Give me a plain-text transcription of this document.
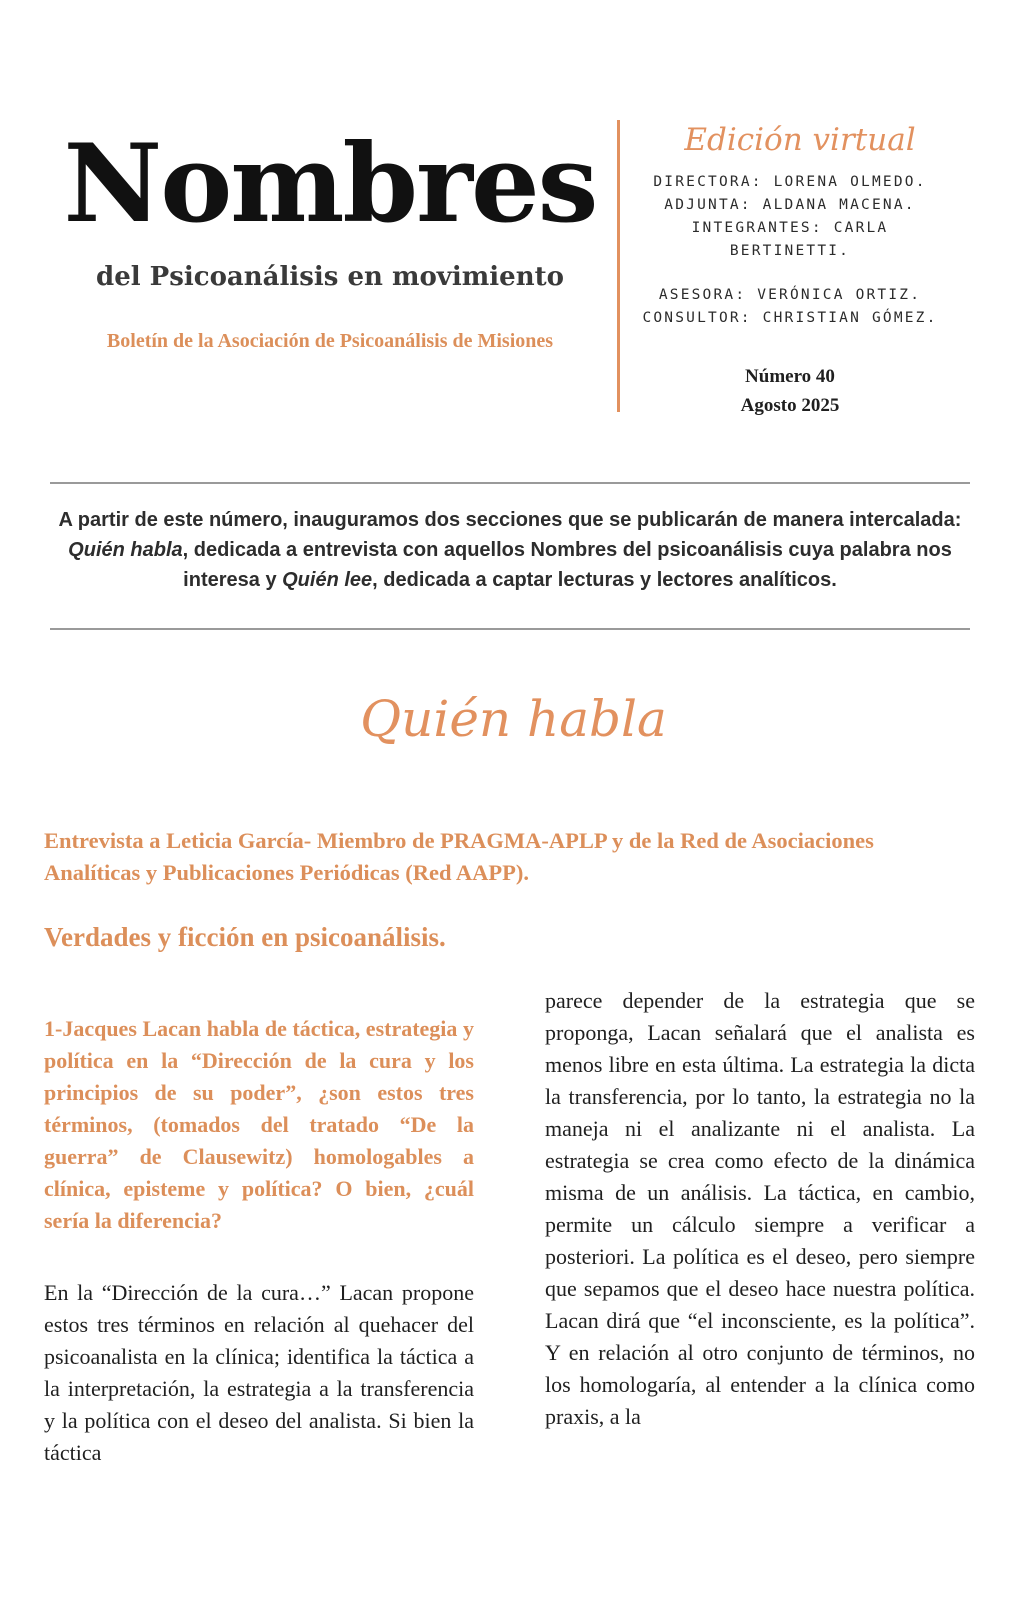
Nombres
del Psicoanálisis en movimiento
Boletín de la Asociación de Psicoanálisis de Misiones
Edición virtual
DIRECTORA: LORENA OLMEDO.
ADJUNTA: ALDANA MACENA.
INTEGRANTES: CARLA
BERTINETTI.
ASESORA: VERÓNICA ORTIZ.
CONSULTOR: CHRISTIAN GÓMEZ.
Número 40
Agosto 2025
A partir de este número, inauguramos dos secciones que se publicarán de manera intercalada: Quién habla, dedicada a entrevista con aquellos Nombres del psicoanálisis cuya palabra nos interesa y Quién lee, dedicada a captar lecturas y lectores analíticos.
Quién habla
Entrevista a Leticia García- Miembro de PRAGMA-APLP y de la Red de Asociaciones Analíticas y Publicaciones Periódicas (Red AAPP).
Verdades y ficción en psicoanálisis.
1-Jacques Lacan habla de táctica, estrategia y política en la “Dirección de la cura y los principios de su poder”, ¿son estos tres términos, (tomados del tratado “De la guerra” de Clausewitz) homologables a clínica, episteme y política? O bien, ¿cuál sería la diferencia?
En la “Dirección de la cura…” Lacan propone estos tres términos en relación al quehacer del psicoanalista en la clínica; identifica la táctica a la interpretación, la estrategia a la transferencia y la política con el deseo del analista. Si bien la táctica
parece depender de la estrategia que se proponga, Lacan señalará que el analista es menos libre en esta última. La estrategia la dicta la transferencia, por lo tanto, la estrategia no la maneja ni el analizante ni el analista. La estrategia se crea como efecto de la dinámica misma de un análisis. La táctica, en cambio, permite un cálculo siempre a verificar a posteriori. La política es el deseo, pero siempre que sepamos que el deseo hace nuestra política. Lacan dirá que “el inconsciente, es la política”. Y en relación al otro conjunto de términos, no los homologaría, al entender a la clínica como praxis, a la
